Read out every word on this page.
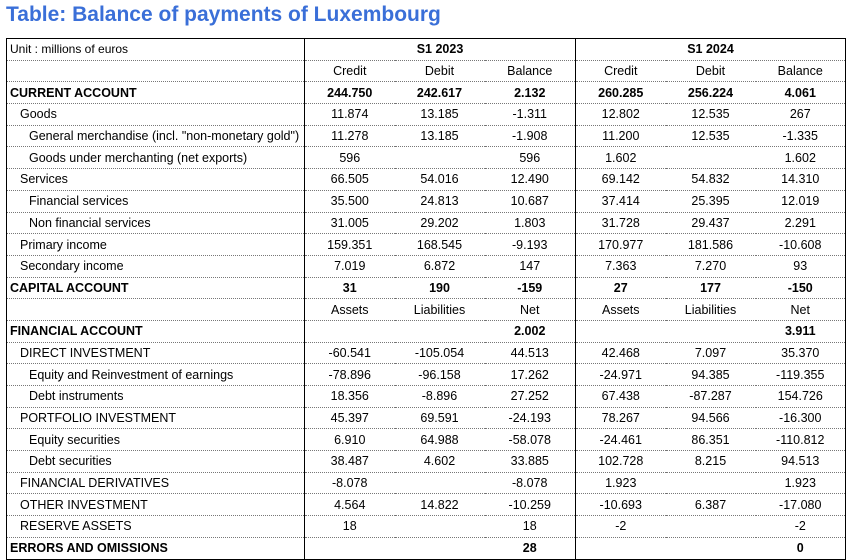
Table: Balance of payments of Luxembourg
Unit : millions of euros	S1 2023			S1 2024		
	Credit	Debit	Balance	Credit	Debit	Balance
CURRENT ACCOUNT	244.750	242.617	2.132	260.285	256.224	4.061
Goods	11.874	13.185	-1.311	12.802	12.535	267
General merchandise (incl. "non-monetary gold")	11.278	13.185	-1.908	11.200	12.535	-1.335
Goods under merchanting (net exports)	596		596	1.602		1.602
Services	66.505	54.016	12.490	69.142	54.832	14.310
Financial services	35.500	24.813	10.687	37.414	25.395	12.019
Non financial services	31.005	29.202	1.803	31.728	29.437	2.291
Primary income	159.351	168.545	-9.193	170.977	181.586	-10.608
Secondary income	7.019	6.872	147	7.363	7.270	93
CAPITAL ACCOUNT	31	190	-159	27	177	-150
	Assets	Liabilities	Net	Assets	Liabilities	Net
FINANCIAL ACCOUNT			2.002			3.911
DIRECT INVESTMENT	-60.541	-105.054	44.513	42.468	7.097	35.370
Equity and Reinvestment of earnings	-78.896	-96.158	17.262	-24.971	94.385	-119.355
Debt instruments	18.356	-8.896	27.252	67.438	-87.287	154.726
PORTFOLIO INVESTMENT	45.397	69.591	-24.193	78.267	94.566	-16.300
Equity securities	6.910	64.988	-58.078	-24.461	86.351	-110.812
Debt securities	38.487	4.602	33.885	102.728	8.215	94.513
FINANCIAL DERIVATIVES	-8.078		-8.078	1.923		1.923
OTHER INVESTMENT	4.564	14.822	-10.259	-10.693	6.387	-17.080
RESERVE ASSETS	18		18	-2		-2
ERRORS AND OMISSIONS			28			0
